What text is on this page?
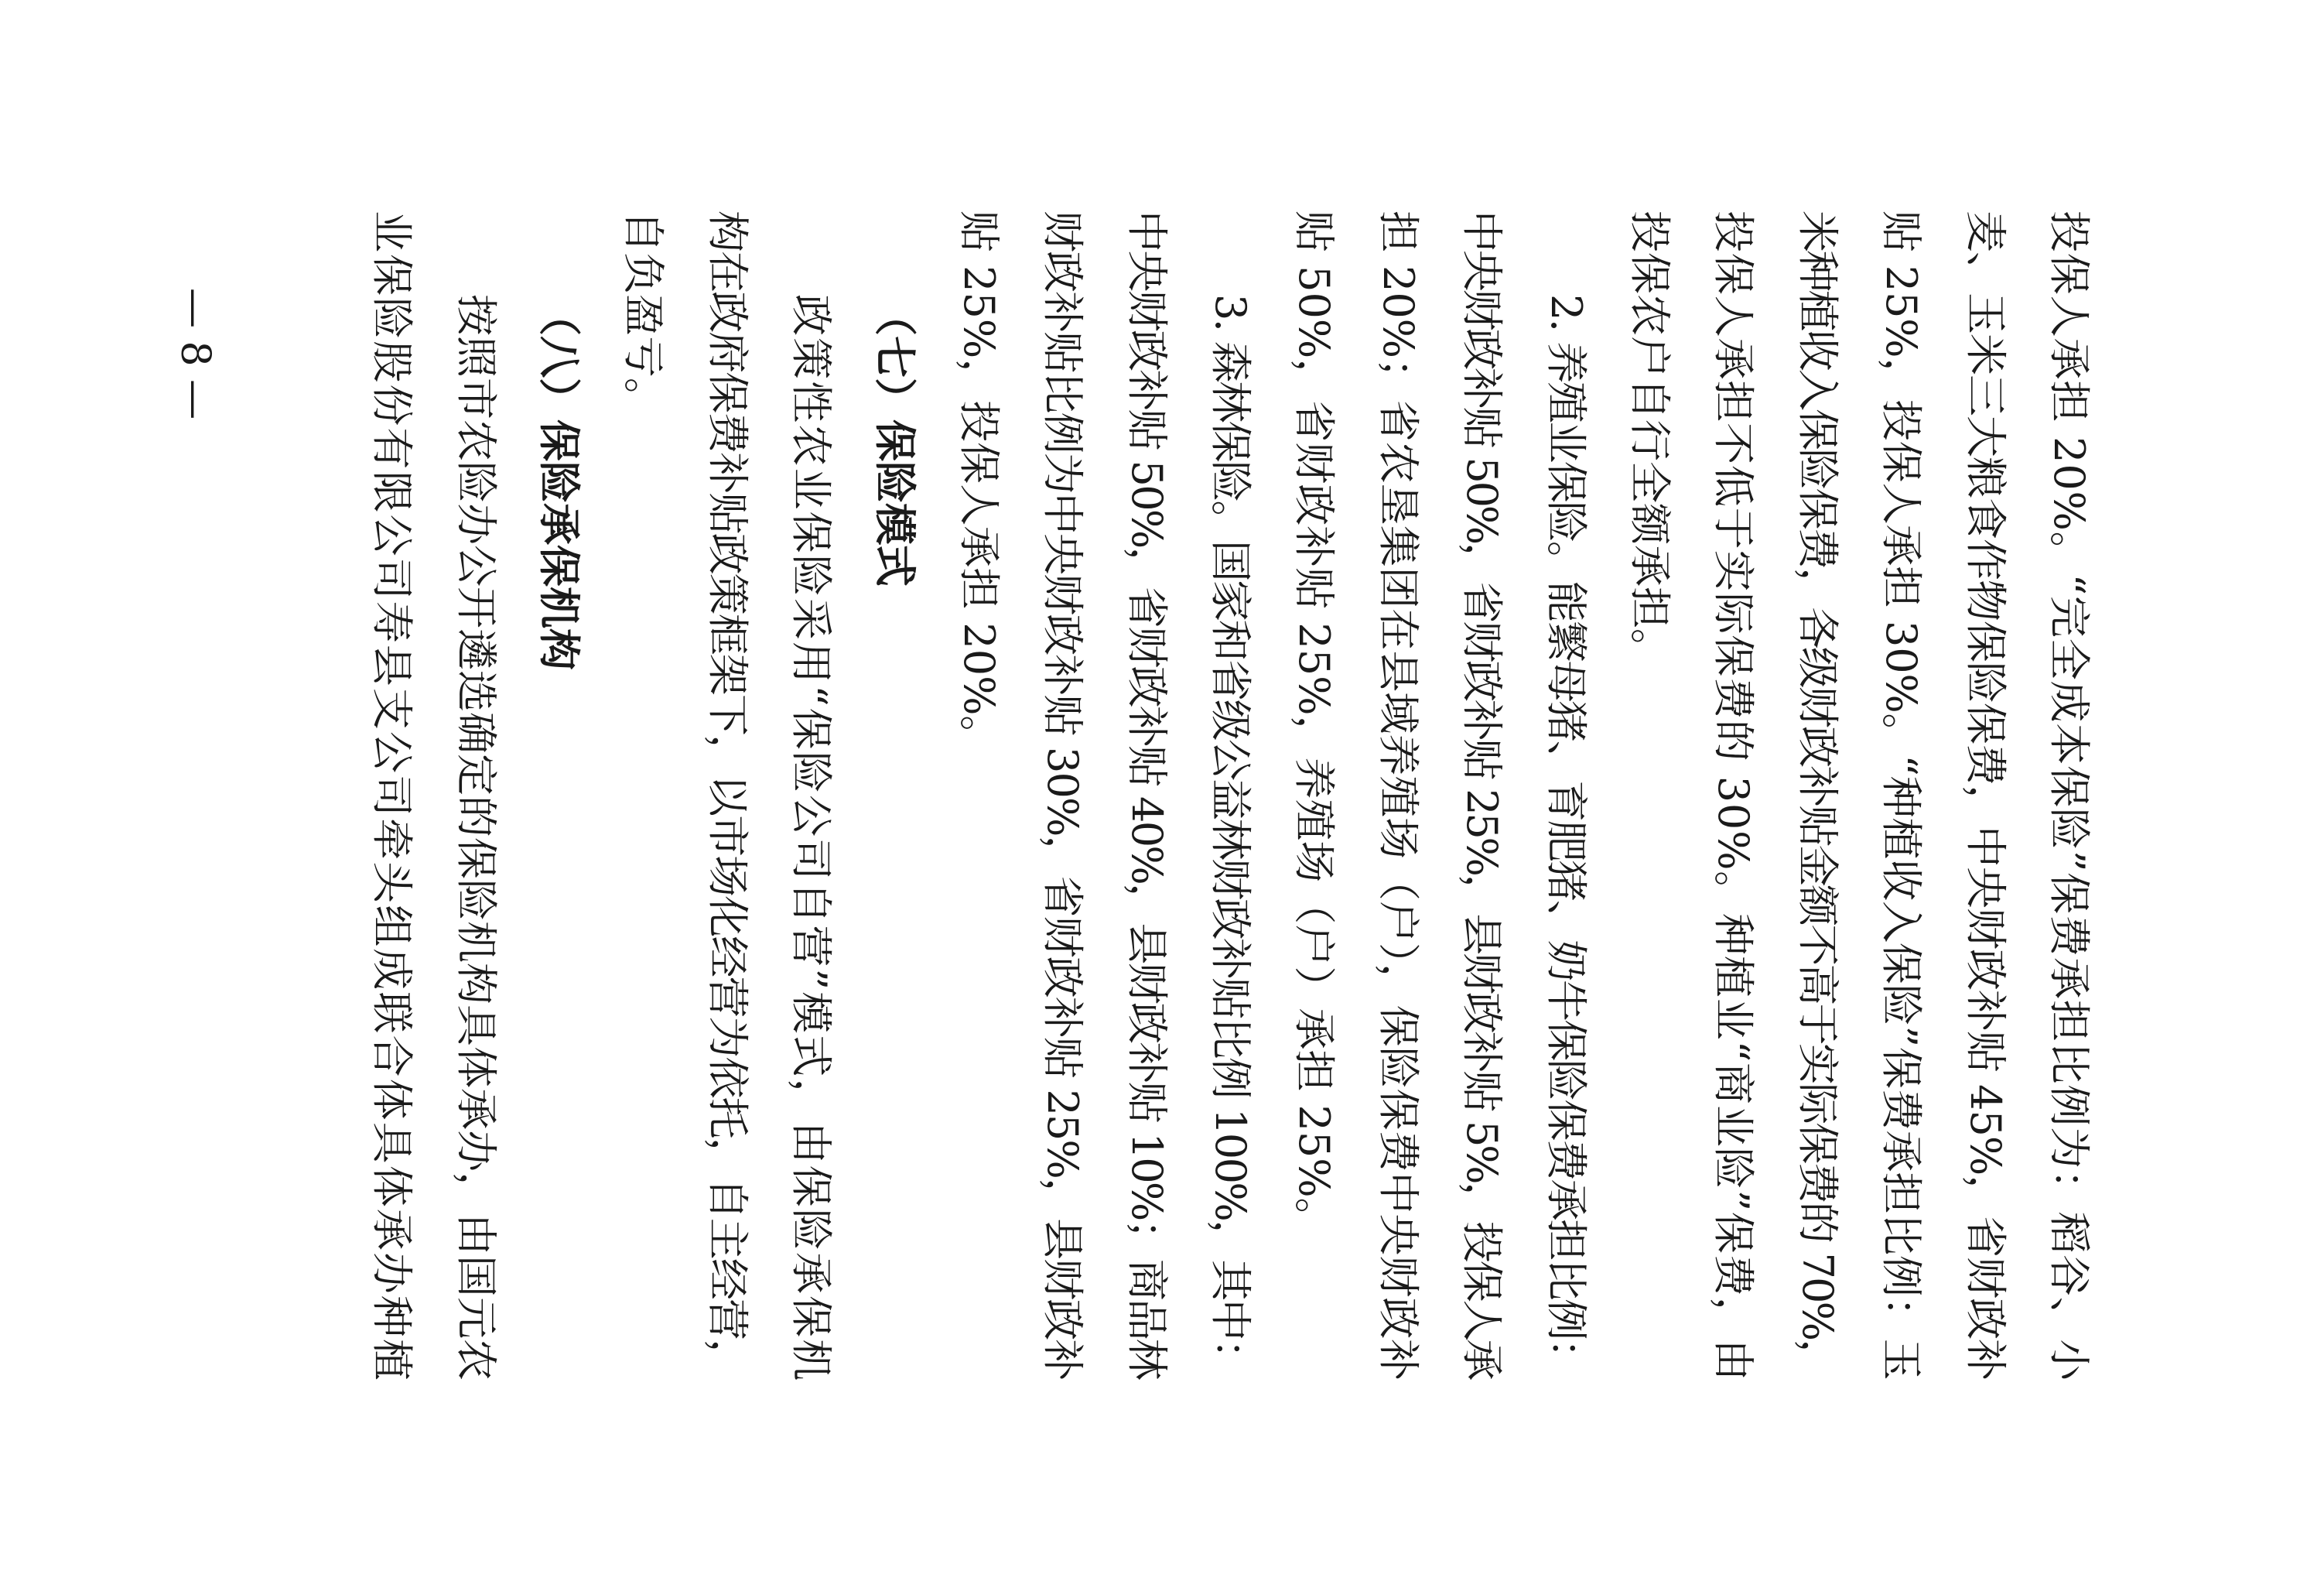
投保人承担 20%。“完全成本保险”保费承担比例为：稻谷、小
麦、玉米三大粮食作物保险保费，中央财政补贴 45%，省财政补
贴 25%，投保人承担 30%。“种植收入保险”保费承担比例：玉
米种植收入保险保费，各级财政补贴金额不高于实际保费的 70%，
投保人承担不低于实际保费的 30%。种植业“商业险”保费，由
投保农户自行全额承担。
2. 养殖业保险。能繁母猪、育肥猪、奶牛保险保费承担比例：
中央财政补贴 50%，省财政补贴 25%，县财政补贴 5%，投保人承
担 20%；省农垦集团在县域养殖场（户），保险保费中央财政补
贴 50%，省财政补贴 25%，养殖场（户）承担 25%。
3. 森林保险。国家和省级公益林财政补贴比例 100%，其中：
中央财政补贴 50%，省财政补贴 40%，县财政补贴 10%；商品林
财政补贴比例为中央财政补贴 30%，省财政补贴 25%，县财政补
贴 25%，投保人承担 20%。
（七）保险模式
政策性农业保险采用“保险公司自营”模式，由保险承保机
构在政府保费补贴政策框架下，以市场化经营为依托，自主经营，
自负盈亏。
（八）保险承保机构
按照市农险办公开遴选确定的保险机构具体承办，由国元农
业保险股份有限公司寿县支公司牵头组成联合体具体承办种植
— 8 —
